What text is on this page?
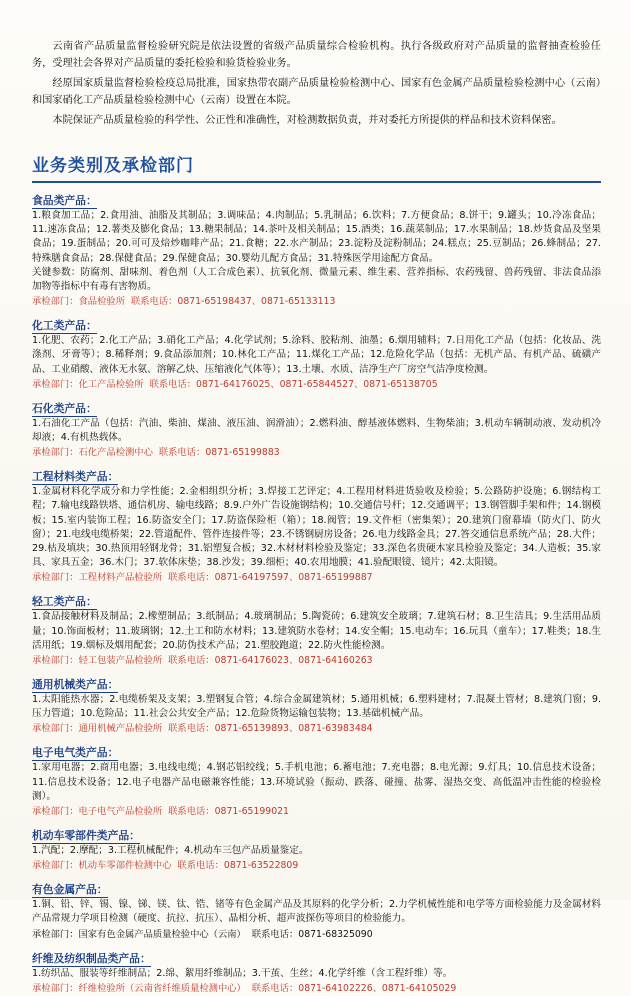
云南省产品质量监督检验研究院是依法设置的省级产品质量综合检验机构。执行各级政府对产品质量的监督抽查检验任务，受理社会各界对产品质量的委托检验和验货检验业务。

经原国家质量监督检验检疫总局批准，国家热带农副产品质量检验检测中心、国家有色金属产品质量检验检测中心（云南）和国家硝化工产品质量检验检测中心（云南）设置在本院。

本院保证产品质量检验的科学性、公正性和准确性，对检测数据负责，并对委托方所提供的样品和技术资料保密。

业务类别及承检部门
食品类产品：
1.粮食加工品；2.食用油、油脂及其制品；3.调味品；4.肉制品；5.乳制品；6.饮料；7.方便食品；8.饼干；9.罐头；10.冷冻食品；11.速冻食品；12.薯类及膨化食品；13.糖果制品；14.茶叶及相关制品；15.酒类；16.蔬菜制品；17.水果制品；18.炒货食品及坚果食品；19.蛋制品；20.可可及焙炒咖啡产品；21.食糖；22.水产制品；23.淀粉及淀粉制品；24.糕点；25.豆制品；26.蜂制品；27.特殊膳食食品；28.保健食品；29.保健食品；30.婴幼儿配方食品；31.特殊医学用途配方食品。
关键参数：防腐剂、甜味剂、着色剂（人工合成色素）、抗氧化剂、微量元素、维生素、营养指标、农药残留、兽药残留、非法食品添加物等指标中有毒有害物质。
承检部门：食品检验所 联系电话：0871-65198437、0871-65133113
化工类产品：
1.化肥、农药；2.化工产品；3.硝化工产品；4.化学试剂；5.涂料、胶粘剂、油墨；6.烟用辅料；7.日用化工产品（包括：化妆品、洗涤剂、牙膏等）；8.稀释剂；9.食品添加剂；10.林化工产品；11.煤化工产品；12.危险化学品（包括：无机产品、有机产品、硫磺产品、工业硝酸、液体无水氨、溶解乙炔、压缩液化气体等）；13.土壤、水质、洁净生产厂房空气洁净度检测。
承检部门：化工产品检验所 联系电话：0871-64176025、0871-65844527、0871-65138705
石化类产品：
1.石油化工产品（包括：汽油、柴油、煤油、液压油、润滑油）；2.燃料油、醇基液体燃料、生物柴油；3.机动车辆制动液、发动机冷却液；4.有机热载体。
承检部门：石化产品检测中心 联系电话：0871-65199883
工程材料类产品：
1.金属材料化学成分和力学性能；2.金相组织分析；3.焊接工艺评定；4.工程用材料进货验收及检验；5.公路防护设施；6.钢结构工程；7.输电线路铁塔、通信机房、输电线路；8.9.户外广告设施钢结构；10.交通信号杆；12.交通调平；13.钢管脚手架和件；14.钢模板；15.室内装饰工程；16.防盗安全门；17.防盗保险柜（箱）；18.阀管；19.文件柜（密集架）；20.建筑门窗幕墙（防火门、防火窗）；21.电线电缆桥架；22.管道配件、管件连接件等；23.不锈钢厨房设备；26.电力线路金具；27.答交通信息系统产品；28.大件；29.枯及填块；30.热顶用轻钢龙骨；31.铝塑复合板；32.木材材料检验及鉴定；33.深色名贵硬木家具检验及鉴定；34.人造板；35.家具、家具五金；36.木门；37.软体床垫；38.沙发；39.细柜；40.农用地膜；41.验配眼镜、镜片；42.太阳镜。
承检部门：工程材料产品检验所 联系电话：0871-64197597、0871-65199887
轻工类产品：
1.食品接触材料及制品；2.橡塑制品；3.纸制品；4.玻璃制品；5.陶瓷砖；6.建筑安全玻璃；7.建筑石材；8.卫生洁具；9.生活用品质量；10.饰面板材；11.玻璃钢；12.土工和防水材料；13.建筑防水卷材；14.安全帽；15.电动车；16.玩具（童车）；17.鞋类；18.生活用纸；19.烟标及烟用配套；20.防伪技术产品；21.塑胶跑道；22.防火性能检测。
承检部门：轻工包装产品检验所 联系电话：0871-64176023、0871-64160263
通用机械类产品：
1.太阳能热水器；2.电缆桥架及支架；3.塑钢复合管；4.综合金属建筑材；5.通用机械；6.塑料建材；7.混凝土管材；8.建筑门窗；9.压力管道；10.危险品；11.社会公共安全产品；12.危险货物运输包装物；13.基础机械产品。
承检部门：通用机械产品检验所 联系电话：0871-65139893、0871-63983484
电子电气类产品：
1.家用电器；2.商用电器；3.电线电缆；4.钢芯铝绞线；5.手机电池；6.蓄电池；7.充电器；8.电光源；9.灯具；10.信息技术设备；11.信息技术设备；12.电子电器产品电磁兼容性能；13.环境试验（振动、跌落、碰撞、盐雾、湿热交变、高低温冲击性能的检验检测）。
承检部门：电子电气产品检验所 联系电话：0871-65199021
机动车零部件类产品：
1.汽配；2.摩配；3.工程机械配件；4.机动车三包产品质量鉴定。
承检部门：机动车零部件检测中心 联系电话：0871-63522809
有色金属产品：
1.铜、铅、锌、锡、镍、锑、镁、钛、锆、锗等有色金属产品及其原料的化学分析；2.力学机械性能和电学等方面检验能力及金属材料产品常规力学项目检测（硬度、抗拉、抗压）、晶相分析、超声波探伤等项目的检验能力。
承检部门：国家有色金属产品质量检验中心（云南） 联系电话：0871-68325090
纤维及纺织制品类产品：
1.纺织品、服装等纤维制品；2.绵、絮用纤维制品；3.干茧、生丝；4.化学纤维（含工程纤维）等。
承检部门：纤维检验所（云南省纤维质量检测中心） 联系电话：0871-64102226、0871-64105029
